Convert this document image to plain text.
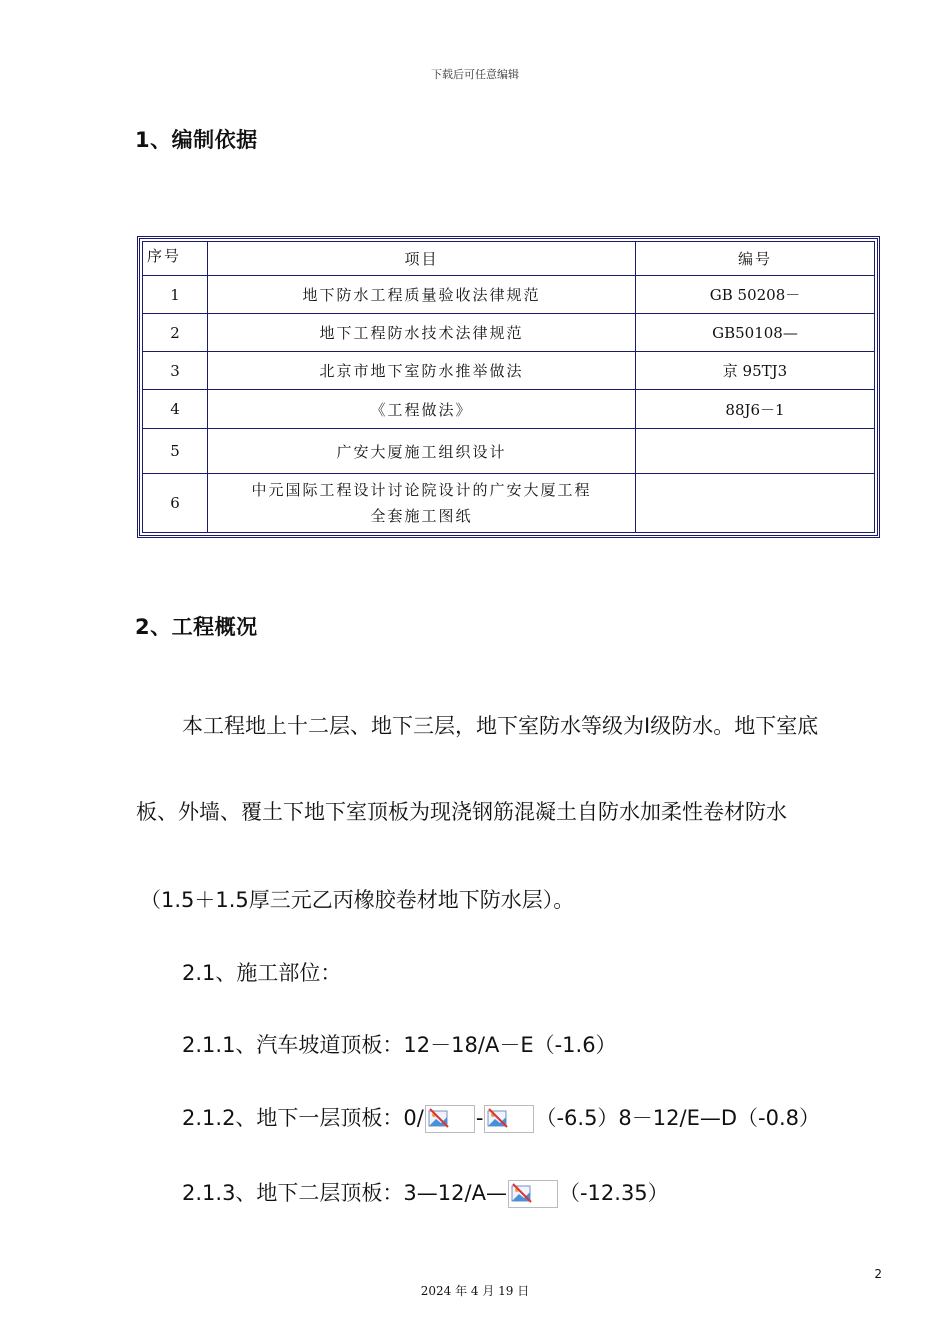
下载后可任意编辑
1、编制依据
序号	项目	编号
1	地下防水工程质量验收法律规范	GB 50208－
2	地下工程防水技术法律规范	GB50108—
3	北京市地下室防水推举做法	京 95TJ3
4	《工程做法》	88J6－1
5	广安大厦施工组织设计	
6	中元国际工程设计讨论院设计的广安大厦工程
全套施工图纸	

2、工程概况
本工程地上十二层、地下三层，地下室防水等级为Ⅰ级防水。地下室底
板、外墙、覆土下地下室顶板为现浇钢筋混凝土自防水加柔性卷材防水
（1.5＋1.5厚三元乙丙橡胶卷材地下防水层）。
2.1、施工部位：
2.1.1、汽车坡道顶板：12－18/A－E（-1.6）
2.1.2、地下一层顶板：0/ - （-6.5）8－12/E—D（-0.8）
2.1.3、地下二层顶板：3—12/A— （-12.35）
2
2024 年 4 月 19 日
